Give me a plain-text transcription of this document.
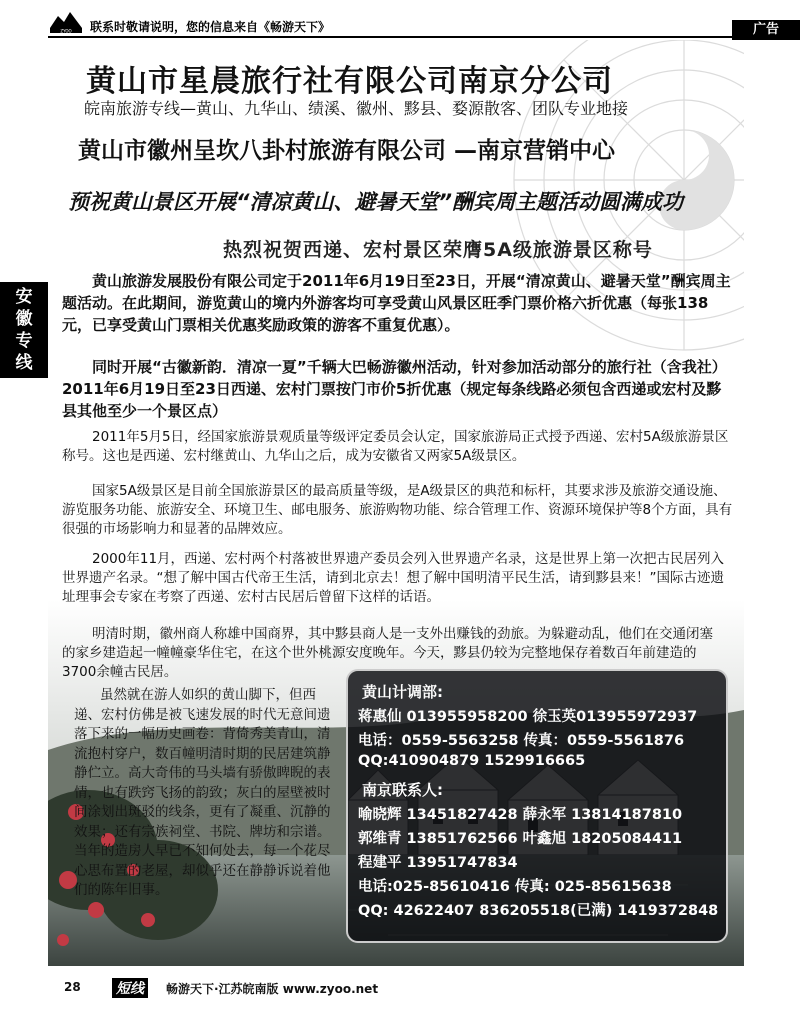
ZYOO 联系时敬请说明，您的信息来自《畅游天下》	广告
安
徽
专
线
黄山市星晨旅行社有限公司南京分公司
皖南旅游专线—黄山、九华山、绩溪、徽州、黟县、婺源散客、团队专业地接
黄山市徽州呈坎八卦村旅游有限公司 —南京营销中心
预祝黄山景区开展“清凉黄山、避暑天堂”酬宾周主题活动圆满成功
热烈祝贺西递、宏村景区荣膺5A级旅游景区称号
黄山旅游发展股份有限公司定于2011年6月19日至23日，开展“清凉黄山、避暑天堂”酬宾周主题活动。在此期间，游览黄山的境内外游客均可享受黄山风景区旺季门票价格六折优惠（每张138元，已享受黄山门票相关优惠奖励政策的游客不重复优惠）。
同时开展“古徽新韵．清凉一夏”千辆大巴畅游徽州活动，针对参加活动部分的旅行社（含我社）2011年6月19日至23日西递、宏村门票按门市价5折优惠（规定每条线路必须包含西递或宏村及黟县其他至少一个景区点）
2011年5月5日，经国家旅游景观质量等级评定委员会认定，国家旅游局正式授予西递、宏村5A级旅游景区称号。这也是西递、宏村继黄山、九华山之后，成为安徽省又两家5A级景区。
国家5A级景区是目前全国旅游景区的最高质量等级，是A级景区的典范和标杆，其要求涉及旅游交通设施、游览服务功能、旅游安全、环境卫生、邮电服务、旅游购物功能、综合管理工作、资源环境保护等8个方面，具有很强的市场影响力和显著的品牌效应。
2000年11月，西递、宏村两个村落被世界遗产委员会列入世界遗产名录，这是世界上第一次把古民居列入世界遗产名录。“想了解中国古代帝王生活，请到北京去！想了解中国明清平民生活，请到黟县来！”国际古迹遗址理事会专家在考察了西递、宏村古民居后曾留下这样的话语。
明清时期，徽州商人称雄中国商界，其中黟县商人是一支外出赚钱的劲旅。为躲避动乱，他们在交通闭塞的家乡建造起一幢幢豪华住宅，在这个世外桃源安度晚年。今天，黟县仍较为完整地保存着数百年前建造的3700余幢古民居。
虽然就在游人如织的黄山脚下，但西递、宏村仿佛是被飞速发展的时代无意间遗落下来的一幅历史画卷：背倚秀美青山，清流抱村穿户，数百幢明清时期的民居建筑静静伫立。高大奇伟的马头墙有骄傲睥睨的表情，也有跌窍飞扬的韵致；灰白的屋壁被时间涂划出斑驳的线条，更有了凝重、沉静的效果；还有宗族祠堂、书院、牌坊和宗谱。当年的造房人早已不知何处去，每一个花尽心思布置的老屋，却似乎还在静静诉说着他们的陈年旧事。
黄山计调部:
蒋惠仙 013955958200 徐玉英013955972937
电话：0559-5563258 传真：0559-5561876
QQ:410904879 1529916665
南京联系人:
喻晓辉 13451827428 薛永军 13814187810
郭维青 13851762566 叶鑫旭 18205084411
程建平 13951747834
电话:025-85610416 传真: 025-85615638
QQ: 42622407 836205518(已满) 1419372848
28	短线	畅游天下·江苏皖南版 www.zyoo.net
